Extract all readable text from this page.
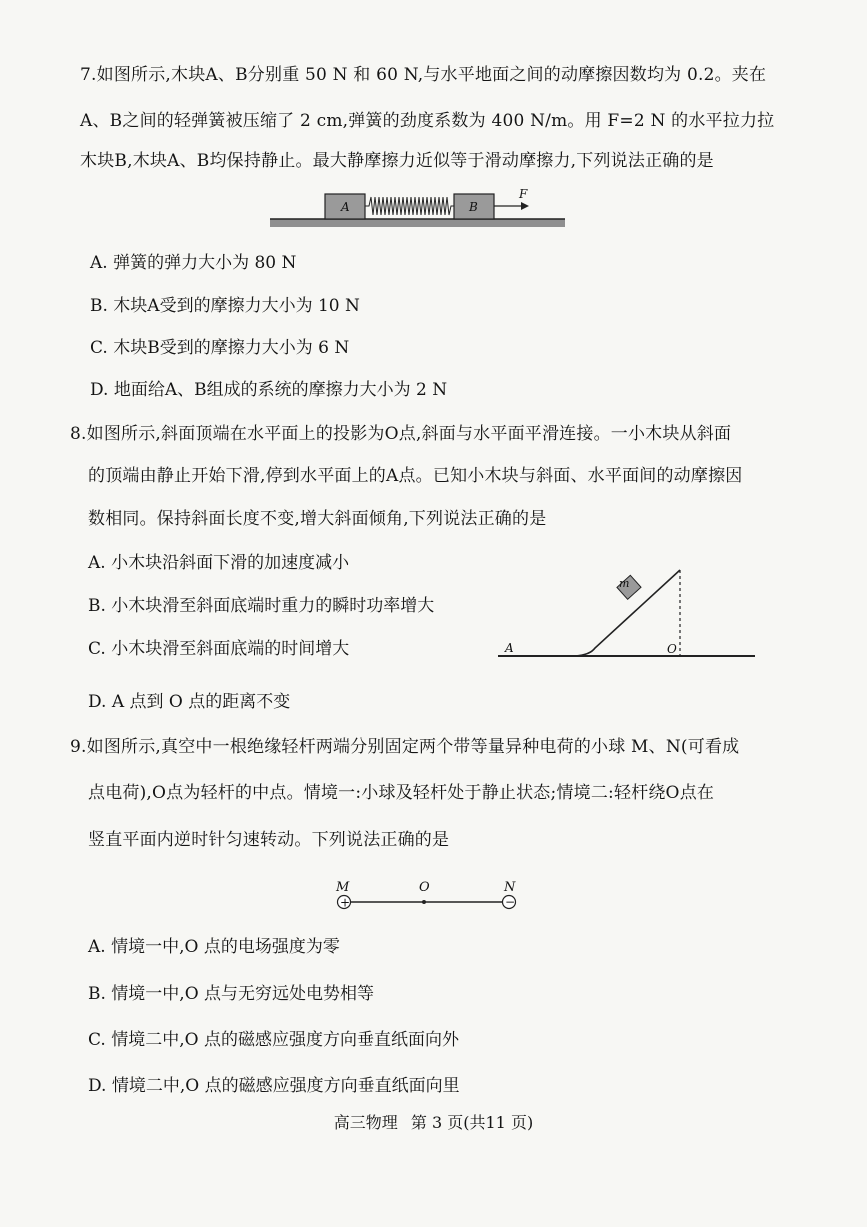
7.如图所示,木块A、B分别重 50 N 和 60 N,与水平地面之间的动摩擦因数均为 0.2。夹在
A、B之间的轻弹簧被压缩了 2 cm,弹簧的劲度系数为 400 N/m。用 F=2 N 的水平拉力拉
木块B,木块A、B均保持静止。最大静摩擦力近似等于滑动摩擦力,下列说法正确的是
A	B
F
A. 弹簧的弹力大小为 80 N
B. 木块A受到的摩擦力大小为 10 N
C. 木块B受到的摩擦力大小为 6 N
D. 地面给A、B组成的系统的摩擦力大小为 2 N
8.如图所示,斜面顶端在水平面上的投影为O点,斜面与水平面平滑连接。一小木块从斜面
的顶端由静止开始下滑,停到水平面上的A点。已知小木块与斜面、水平面间的动摩擦因
数相同。保持斜面长度不变,增大斜面倾角,下列说法正确的是
A. 小木块沿斜面下滑的加速度减小
B. 小木块滑至斜面底端时重力的瞬时功率增大
C. 小木块滑至斜面底端的时间增大
D. A 点到 O 点的距离不变
m
A	O
9.如图所示,真空中一根绝缘轻杆两端分别固定两个带等量异种电荷的小球 M、N(可看成
点电荷),O点为轻杆的中点。情境一:小球及轻杆处于静止状态;情境二:轻杆绕O点在
竖直平面内逆时针匀速转动。下列说法正确的是
M	O	N
+	−
A. 情境一中,O 点的电场强度为零
B. 情境一中,O 点与无穷远处电势相等
C. 情境二中,O 点的磁感应强度方向垂直纸面向外
D. 情境二中,O 点的磁感应强度方向垂直纸面向里
高三物理 第 3 页(共11 页)
